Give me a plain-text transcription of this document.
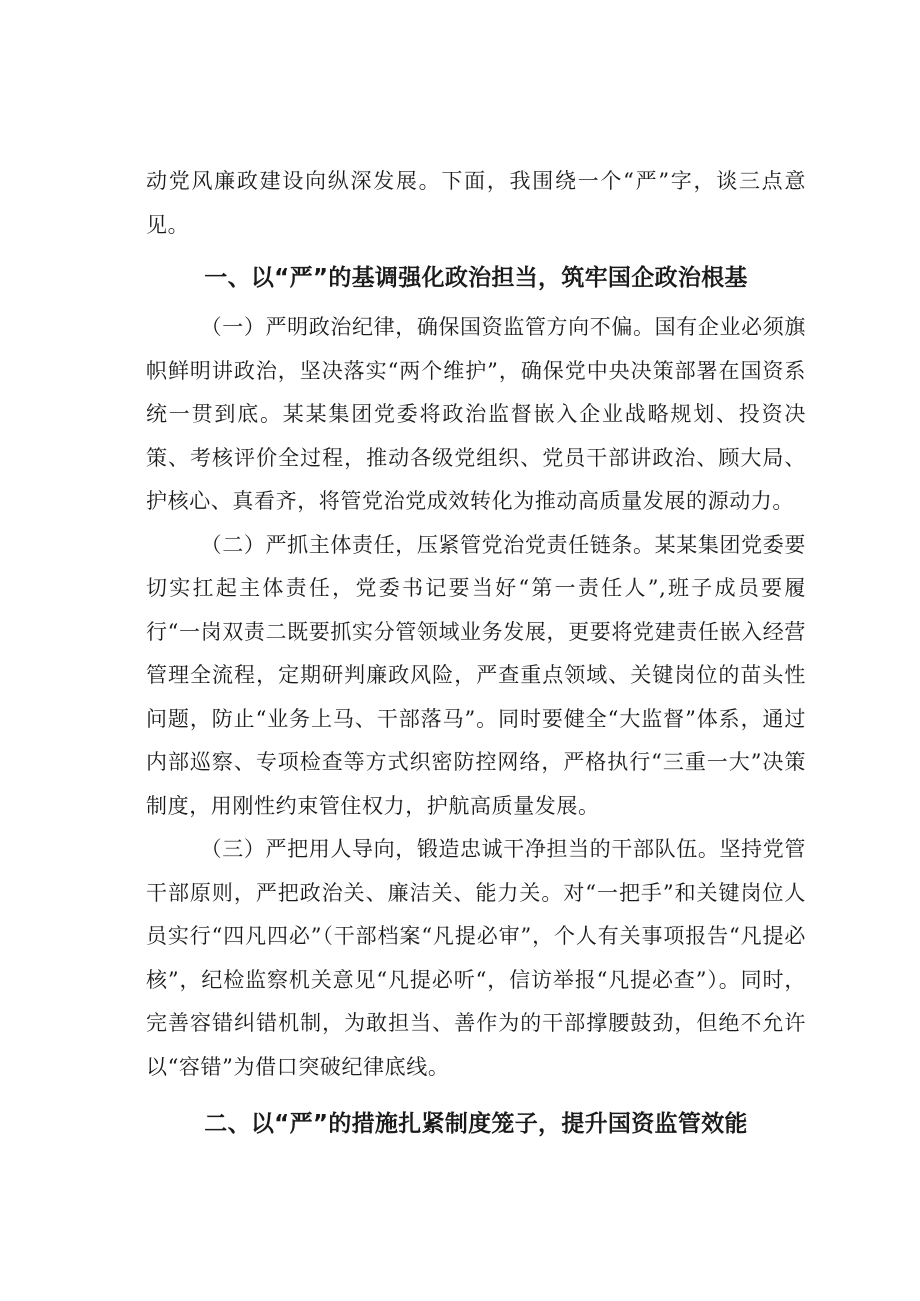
动党风廉政建设向纵深发展。下面，我围绕一个“严”字，谈三点意见。

一、以“严”的基调强化政治担当，筑牢国企政治根基

（一）严明政治纪律，确保国资监管方向不偏。国有企业必须旗帜鲜明讲政治，坚决落实“两个维护”，确保党中央决策部署在国资系统一贯到底。某某集团党委将政治监督嵌入企业战略规划、投资决策、考核评价全过程，推动各级党组织、党员干部讲政治、顾大局、护核心、真看齐，将管党治党成效转化为推动高质量发展的源动力。

（二）严抓主体责任，压紧管党治党责任链条。某某集团党委要切实扛起主体责任，党委书记要当好“第一责任人”,班子成员要履行“一岗双责二既要抓实分管领域业务发展，更要将党建责任嵌入经营管理全流程，定期研判廉政风险，严查重点领域、关键岗位的苗头性问题，防止“业务上马、干部落马”。同时要健全“大监督”体系，通过内部巡察、专项检查等方式织密防控网络，严格执行“三重一大”决策制度，用刚性约束管住权力，护航高质量发展。

（三）严把用人导向，锻造忠诚干净担当的干部队伍。坚持党管干部原则，严把政治关、廉洁关、能力关。对“一把手”和关键岗位人员实行“四凡四必”（干部档案“凡提必审”，个人有关事项报告“凡提必核”，纪检监察机关意见“凡提必听“，信访举报“凡提必查”）。同时，完善容错纠错机制，为敢担当、善作为的干部撑腰鼓劲，但绝不允许以“容错”为借口突破纪律底线。

二、以“严”的措施扎紧制度笼子，提升国资监管效能
